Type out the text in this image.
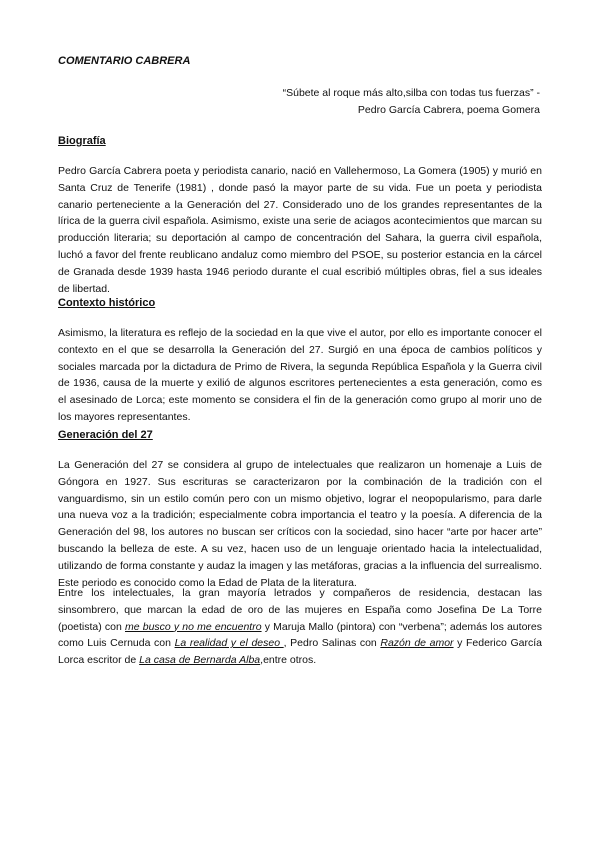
COMENTARIO CABRERA
“Súbete al roque más alto,silba con todas tus fuerzas” -
Pedro García Cabrera, poema Gomera
Biografía

Pedro García Cabrera poeta y periodista canario, nació en Vallehermoso, La Gomera (1905) y murió en Santa Cruz de Tenerife (1981) , donde pasó la mayor parte de su vida. Fue un poeta y periodista canario perteneciente a la Generación del 27. Considerado uno de los grandes representantes de la lírica de la guerra civil española. Asimismo, existe una serie de aciagos acontecimientos que marcan su producción literaria; su deportación al campo de concentración del Sahara, la guerra civil española, luchó a favor del frente reublicano andaluz como miembro del PSOE, su posterior estancia en la cárcel de Granada desde 1939 hasta 1946 periodo durante el cual escribió múltiples obras, fiel a sus ideales de libertad.

Contexto histórico

Asimismo, la literatura es reflejo de la sociedad en la que vive el autor, por ello es importante conocer el contexto en el que se desarrolla la Generación del 27. Surgió en una época de cambios políticos y sociales marcada por la dictadura de Primo de Rivera, la segunda República Española y la Guerra civil de 1936, causa de la muerte y exilió de algunos escritores pertenecientes a esta generación, como es el asesinado de Lorca; este momento se considera el fin de la generación como grupo al morir uno de los mayores representantes.

Generación del 27

La Generación del 27 se considera al grupo de intelectuales que realizaron un homenaje a Luis de Góngora en 1927. Sus escrituras se caracterizaron por la combinación de la tradición con el vanguardismo, sin un estilo común pero con un mismo objetivo, lograr el neopopularismo, para darle una nueva voz a la tradición; especialmente cobra importancia el teatro y la poesía. A diferencia de la Generación del 98, los autores no buscan ser críticos con la sociedad, sino hacer “arte por hacer arte” buscando la belleza de este. A su vez, hacen uso de un lenguaje orientado hacia la intelectualidad, utilizando de forma constante y audaz la imagen y las metáforas, gracias a la influencia del surrealismo. Este periodo es conocido como la Edad de Plata de la literatura.

Entre los intelectuales, la gran mayoría letrados y compañeros de residencia, destacan las sinsombrero, que marcan la edad de oro de las mujeres en España como Josefina De La Torre (poetista) con me busco y no me encuentro y Maruja Mallo (pintora) con “verbena”; además los autores como Luis Cernuda con La realidad y el deseo , Pedro Salinas con Razón de amor y Federico García Lorca escritor de La casa de Bernarda Alba,entre otros.
